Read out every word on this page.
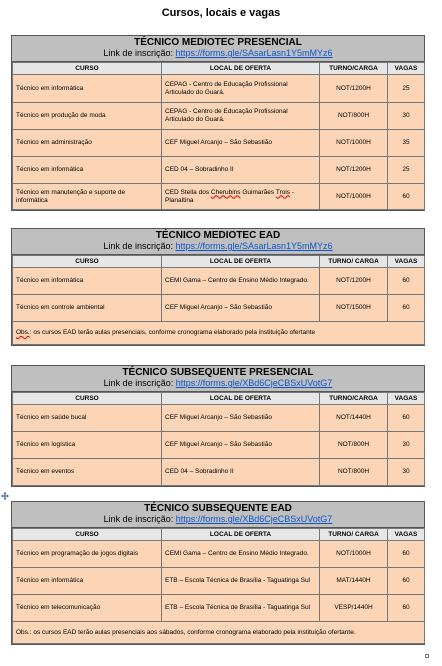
Cursos, locais e vagas
TÉCNICO MEDIOTEC PRESENCIAL
Link de inscrição: https://forms.gle/SAsarLasn1Y5mMYz6
CURSO	LOCAL DE OFERTA	TURNO/CARGA	VAGAS
Técnico em informática	CEPAG - Centro de Educação Profissional Articulado do Guará.	NOT/1200H	25
Técnico em produção de moda	CEPAG - Centro de Educação Profissional Articulado do Guará.	NOT/800H	30
Técnico em administração	CEF Miguel Arcanjo – São Sebastião	NOT/1000H	35
Técnico em informática	CED 04 – Sobradinho II	NOT/1200H	25
Técnico em manutenção e suporte de informática	CED Stella dos Cherubins Guimarães Trois - Planaltina	NOT/1000H	60
TÉCNICO MEDIOTEC EAD
Link de inscrição: https://forms.gle/SAsarLasn1Y5mMYz6
CURSO	LOCAL DE OFERTA	TURNO/ CARGA	VAGAS
Técnico em informática	CEMI Gama – Centro de Ensino Médio Integrado.	NOT/1200H	60
Técnico em controle ambiental	CEF Miguel Arcanjo – São Sebastião	NOT/1500H	60
Obs.: os cursos EAD terão aulas presenciais, conforme cronograma elaborado pela instituição ofertante			
TÉCNICO SUBSEQUENTE PRESENCIAL
Link de inscrição: https://forms.gle/XBd6CjeCBSxUVotG7
CURSO	LOCAL DE OFERTA	TURNO/CARGA	VAGAS
Técnico em saúde bucal	CEF Miguel Arcanjo – São Sebastião	NOT/1440H	60
Técnico em logística	CEF Miguel Arcanjo – São Sebastião	NOT/800H	30
Técnico em eventos	CED 04 – Sobradinho II	NOT/800H	30
TÉCNICO SUBSEQUENTE EAD
Link de inscrição: https://forms.gle/XBd6CjeCBSxUVotG7
CURSO	LOCAL DE OFERTA	TURNO/ CARGA	VAGAS
Técnico em programação de jogos digitais	CEMI Gama – Centro de Ensino Médio Integrado.	NOT/1000H	60
Técnico em informática	ETB – Escola Técnica de Brasília - Taguatinga Sul	MAT/1440H	60
Técnico em telecomunicação	ETB – Escola Técnica de Brasília - Taguatinga Sul	VESP/1440H	60
Obs.: os cursos EAD terão aulas presenciais aos sábados, conforme cronograma elaborado pela instituição ofertante.			
